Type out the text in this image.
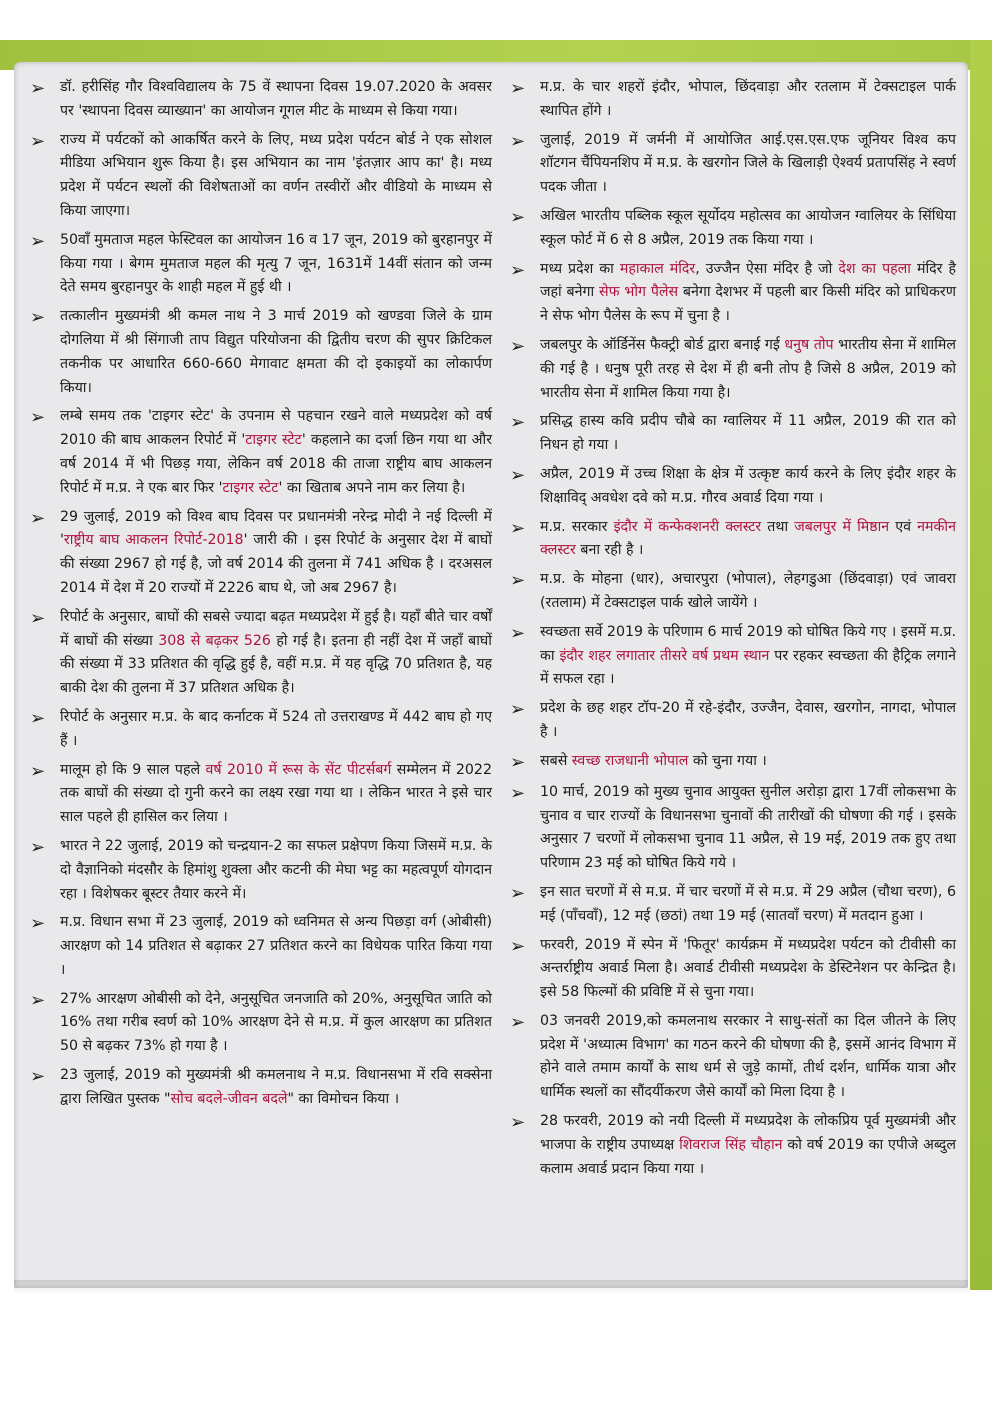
➢	डॉ. हरीसिंह गौर विश्वविद्यालय के 75 वें स्थापना दिवस 19.07.2020 के अवसर पर 'स्थापना दिवस व्याख्यान' का आयोजन गूगल मीट के माध्यम से किया गया।
➢	राज्य में पर्यटकों को आकर्षित करने के लिए, मध्य प्रदेश पर्यटन बोर्ड ने एक सोशल मीडिया अभियान शुरू किया है। इस अभियान का नाम 'इंतज़ार आप का' है। मध्य प्रदेश में पर्यटन स्थलों की विशेषताओं का वर्णन तस्वीरों और वीडियो के माध्यम से किया जाएगा।
➢	50वाँ मुमताज महल फेस्टिवल का आयोजन 16 व 17 जून, 2019 को बुरहानपुर में किया गया । बेगम मुमताज महल की मृत्यु 7 जून, 1631में 14वीं संतान को जन्म देते समय बुरहानपुर के शाही महल में हुई थी ।
➢	तत्कालीन मुख्यमंत्री श्री कमल नाथ ने 3 मार्च 2019 को खण्डवा जिले के ग्राम दोगलिया में श्री सिंगाजी ताप विद्युत परियोजना की द्वितीय चरण की सुपर क्रिटिकल तकनीक पर आधारित 660-660 मेगावाट क्षमता की दो इकाइयों का लोकार्पण किया।
➢	लम्बे समय तक 'टाइगर स्टेट' के उपनाम से पहचान रखने वाले मध्यप्रदेश को वर्ष 2010 की बाघ आकलन रिपोर्ट में 'टाइगर स्टेट' कहलाने का दर्जा छिन गया था और वर्ष 2014 में भी पिछड़ गया, लेकिन वर्ष 2018 की ताजा राष्ट्रीय बाघ आकलन रिपोर्ट में म.प्र. ने एक बार फिर 'टाइगर स्टेट' का खिताब अपने नाम कर लिया है।
➢	29 जुलाई, 2019 को विश्व बाघ दिवस पर प्रधानमंत्री नरेन्द्र मोदी ने नई दिल्ली में 'राष्ट्रीय बाघ आकलन रिपोर्ट-2018' जारी की । इस रिपोर्ट के अनुसार देश में बाघों की संख्या 2967 हो गई है, जो वर्ष 2014 की तुलना में 741 अधिक है । दरअसल 2014 में देश में 20 राज्यों में 2226 बाघ थे, जो अब 2967 है।
➢	रिपोर्ट के अनुसार, बाघों की सबसे ज्यादा बढ़त मध्यप्रदेश में हुई है। यहाँ बीते चार वर्षों में बाघों की संख्या 308 से बढ़कर 526 हो गई है। इतना ही नहीं देश में जहाँ बाघों की संख्या में 33 प्रतिशत की वृद्धि हुई है, वहीं म.प्र. में यह वृद्धि 70 प्रतिशत है, यह बाकी देश की तुलना में 37 प्रतिशत अधिक है।
➢	रिपोर्ट के अनुसार म.प्र. के बाद कर्नाटक में 524 तो उत्तराखण्ड में 442 बाघ हो गए हैं ।
➢	मालूम हो कि 9 साल पहले वर्ष 2010 में रूस के सेंट पीटर्सबर्ग सम्मेलन में 2022 तक बाघों की संख्या दो गुनी करने का लक्ष्य रखा गया था । लेकिन भारत ने इसे चार साल पहले ही हासिल कर लिया ।
➢	भारत ने 22 जुलाई, 2019 को चन्द्रयान-2 का सफल प्रक्षेपण किया जिसमें म.प्र. के दो वैज्ञानिको मंदसौर के हिमांशु शुक्ला और कटनी की मेघा भट्ट का महत्वपूर्ण योगदान रहा । विशेषकर बूस्टर तैयार करने में।
➢	म.प्र. विधान सभा में 23 जुलाई, 2019 को ध्वनिमत से अन्य पिछड़ा वर्ग (ओबीसी) आरक्षण को 14 प्रतिशत से बढ़ाकर 27 प्रतिशत करने का विधेयक पारित किया गया ।
➢	27% आरक्षण ओबीसी को देने, अनुसूचित जनजाति को 20%, अनुसूचित जाति को 16% तथा गरीब स्वर्ण को 10% आरक्षण देने से म.प्र. में कुल आरक्षण का प्रतिशत 50 से बढ़कर 73% हो गया है ।
➢	23 जुलाई, 2019 को मुख्यमंत्री श्री कमलनाथ ने म.प्र. विधानसभा में रवि सक्सेना द्वारा लिखित पुस्तक "सोच बदले-जीवन बदले" का विमोचन किया ।
➢	म.प्र. के चार शहरों इंदौर, भोपाल, छिंदवाड़ा और रतलाम में टेक्सटाइल पार्क स्थापित होंगे ।
➢	जुलाई, 2019 में जर्मनी में आयोजित आई.एस.एस.एफ जूनियर विश्व कप शॉटगन चैंपियनशिप में म.प्र. के खरगोन जिले के खिलाड़ी ऐश्वर्य प्रतापसिंह ने स्वर्ण पदक जीता ।
➢	अखिल भारतीय पब्लिक स्कूल सूर्योदय महोत्सव का आयोजन ग्वालियर के सिंधिया स्कूल फोर्ट में 6 से 8 अप्रैल, 2019 तक किया गया ।
➢	मध्य प्रदेश का महाकाल मंदिर, उज्जैन ऐसा मंदिर है जो देश का पहला मंदिर है जहां बनेगा सेफ भोग पैलेस बनेगा देशभर में पहली बार किसी मंदिर को प्राधिकरण ने सेफ भोग पैलेस के रूप में चुना है ।
➢	जबलपुर के ऑर्डिनेंस फैक्ट्री बोर्ड द्वारा बनाई गई धनुष तोप भारतीय सेना में शामिल की गई है । धनुष पूरी तरह से देश में ही बनी तोप है जिसे 8 अप्रैल, 2019 को भारतीय सेना में शामिल किया गया है।
➢	प्रसिद्ध हास्य कवि प्रदीप चौबे का ग्वालियर में 11 अप्रैल, 2019 की रात को निधन हो गया ।
➢	अप्रैल, 2019 में उच्च शिक्षा के क्षेत्र में उत्कृष्ट कार्य करने के लिए इंदौर शहर के शिक्षाविद् अवधेश दवे को म.प्र. गौरव अवार्ड दिया गया ।
➢	म.प्र. सरकार इंदौर में कन्फेक्शनरी क्लस्टर तथा जबलपुर में मिष्ठान एवं नमकीन क्लस्टर बना रही है ।
➢	म.प्र. के मोहना (धार), अचारपुरा (भोपाल), लेहगडुआ (छिंदवाड़ा) एवं जावरा (रतलाम) में टेक्सटाइल पार्क खोले जायेंगे ।
➢	स्वच्छता सर्वे 2019 के परिणाम 6 मार्च 2019 को घोषित किये गए । इसमें म.प्र. का इंदौर शहर लगातार तीसरे वर्ष प्रथम स्थान पर रहकर स्वच्छता की हैट्रिक लगाने में सफल रहा ।
➢	प्रदेश के छह शहर टॉप-20 में रहे-इंदौर, उज्जैन, देवास, खरगोन, नागदा, भोपाल है ।
➢	सबसे स्वच्छ राजधानी भोपाल को चुना गया ।
➢	10 मार्च, 2019 को मुख्य चुनाव आयुक्त सुनील अरोड़ा द्वारा 17वीं लोकसभा के चुनाव व चार राज्यों के विधानसभा चुनावों की तारीखों की घोषणा की गई । इसके अनुसार 7 चरणों में लोकसभा चुनाव 11 अप्रैल, से 19 मई, 2019 तक हुए तथा परिणाम 23 मई को घोषित किये गये ।
➢	इन सात चरणों में से म.प्र. में चार चरणों में से म.प्र. में 29 अप्रैल (चौथा चरण), 6 मई (पाँचवाँ), 12 मई (छठां) तथा 19 मई (सातवाँ चरण) में मतदान हुआ ।
➢	फरवरी, 2019 में स्पेन में 'फितूर' कार्यक्रम में मध्यप्रदेश पर्यटन को टीवीसी का अन्तर्राष्ट्रीय अवार्ड मिला है। अवार्ड टीवीसी मध्यप्रदेश के डेस्टिनेशन पर केन्द्रित है। इसे 58 फिल्मों की प्रविष्टि में से चुना गया।
➢	03 जनवरी 2019,को कमलनाथ सरकार ने साधु-संतों का दिल जीतने के लिए प्रदेश में 'अध्यात्म विभाग' का गठन करने की घोषणा की है, इसमें आनंद विभाग में होने वाले तमाम कार्यों के साथ धर्म से जुड़े कामों, तीर्थ दर्शन, धार्मिक यात्रा और धार्मिक स्थलों का सौंदर्यीकरण जैसे कार्यों को मिला दिया है ।
➢	28 फरवरी, 2019 को नयी दिल्ली में मध्यप्रदेश के लोकप्रिय पूर्व मुख्यमंत्री और भाजपा के राष्ट्रीय उपाध्यक्ष शिवराज सिंह चौहान को वर्ष 2019 का एपीजे अब्दुल कलाम अवार्ड प्रदान किया गया ।
